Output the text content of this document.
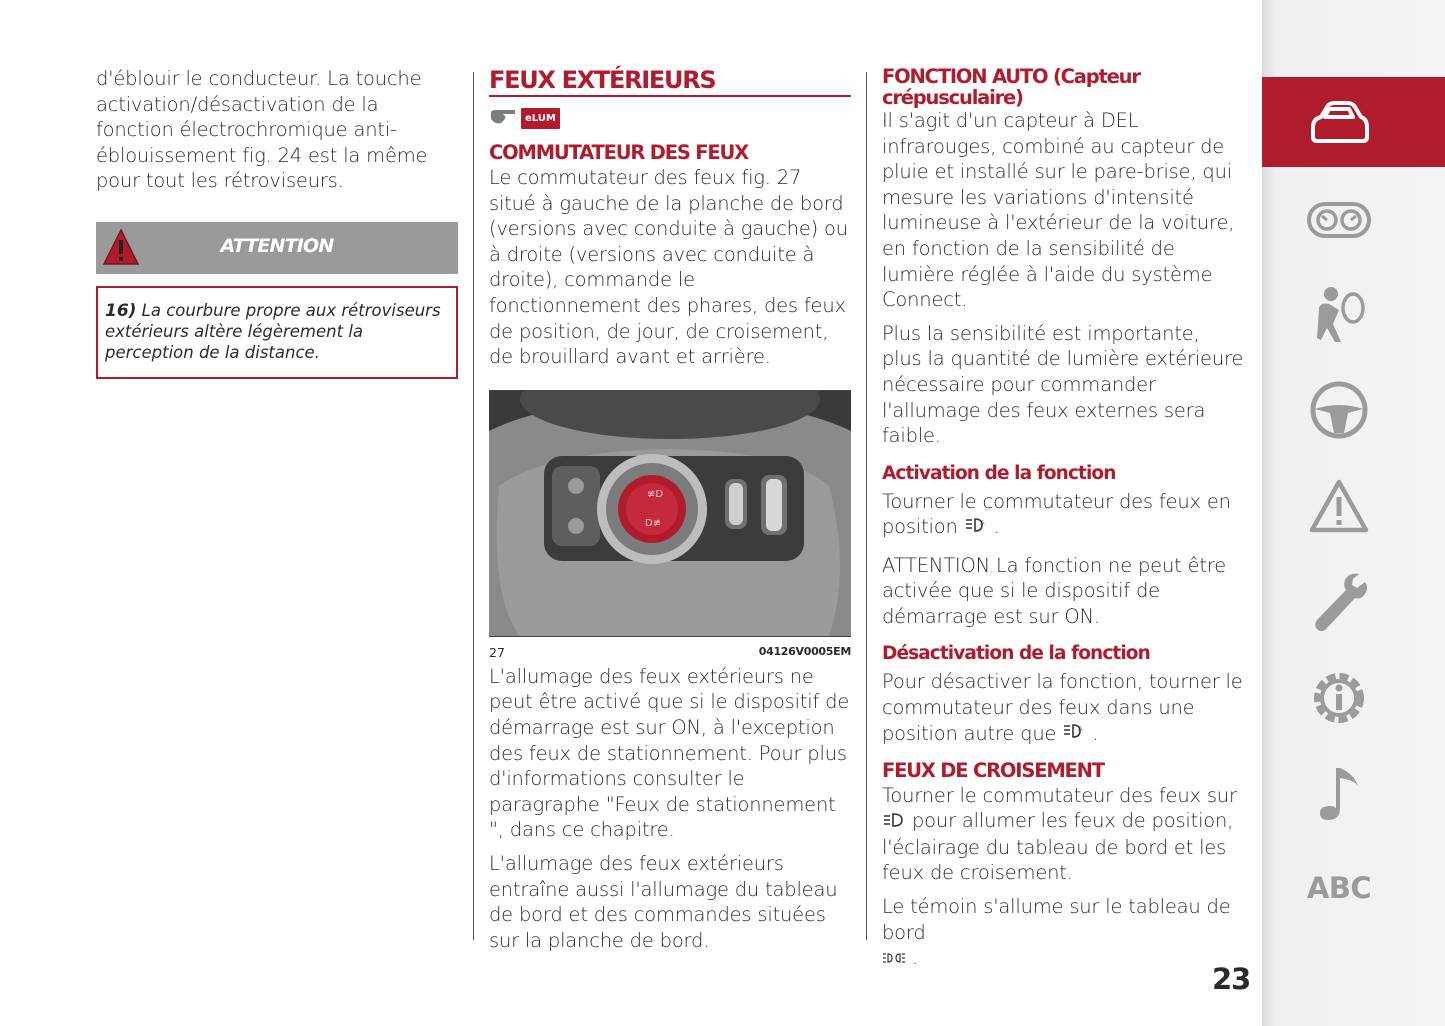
d'éblouir le conducteur. La touche activation/désactivation de la fonction électrochromique anti-éblouissement fig. 24 est la même pour tout les rétroviseurs.

ATTENTION
16) La courbure propre aux rétroviseurs extérieurs altère légèrement la perception de la distance.
FEUX EXTÉRIEURS
eLUM
COMMUTATEUR DES FEUX

Le commutateur des feux fig. 27 situé à gauche de la planche de bord (versions avec conduite à gauche) ou à droite (versions avec conduite à droite), commande le fonctionnement des phares, des feux de position, de jour, de croisement, de brouillard avant et arrière.

≢D
D≢
27	04126V0005EM

L'allumage des feux extérieurs ne peut être activé que si le dispositif de démarrage est sur ON, à l'exception des feux de stationnement. Pour plus d'informations consulter le paragraphe "Feux de stationnement ", dans ce chapitre.

L'allumage des feux extérieurs entraîne aussi l'allumage du tableau de bord et des commandes situées sur la planche de bord.

FONCTION AUTO (Capteur crépusculaire)

Il s'agit d'un capteur à DEL infrarouges, combiné au capteur de pluie et installé sur le pare-brise, qui mesure les variations d'intensité lumineuse à l'extérieur de la voiture, en fonction de la sensibilité de lumière réglée à l'aide du système Connect.

Plus la sensibilité est importante, plus la quantité de lumière extérieure nécessaire pour commander l'allumage des feux externes sera faible.

Activation de la fonction

Tourner le commutateur des feux en position	A .

ATTENTION La fonction ne peut être activée que si le dispositif de démarrage est sur ON.

Désactivation de la fonction

Pour désactiver la fonction, tourner le commutateur des feux dans une position autre que	A .

FEUX DE CROISEMENT

Tourner le commutateur des feux sur
pour allumer les feux de position, l'éclairage du tableau de bord et les feux de croisement.

Le témoin s'allume sur le tableau de bord
.

23
ABC
